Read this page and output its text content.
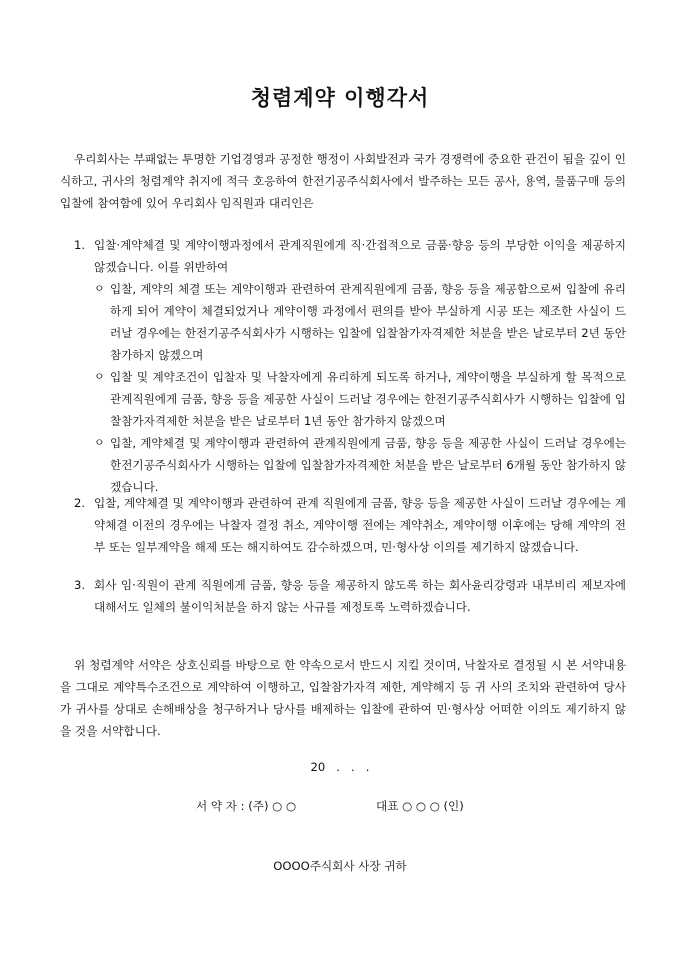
청렴계약 이행각서

우리회사는 부패없는 투명한 기업경영과 공정한 행정이 사회발전과 국가 경쟁력에 중요한 관건이 됨을 깊이 인식하고, 귀사의 청렴계약 취지에 적극 호응하여 한전기공주식회사에서 발주하는 모든 공사, 용역, 물품구매 등의 입찰에 참여함에 있어 우리회사 임직원과 대리인은

1. 입찰·계약체결 및 계약이행과정에서 관계직원에게 직·간접적으로 금품·향응 등의 부당한 이익을 제공하지 않겠습니다. 이를 위반하여

ㅇ 입찰, 계약의 체결 또는 계약이행과 관련하여 관계직원에게 금품, 향응 등을 제공함으로써 입찰에 유리하게 되어 계약이 체결되었거나 계약이행 과정에서 편의를 받아 부실하게 시공 또는 제조한 사실이 드러날 경우에는 한전기공주식회사가 시행하는 입찰에 입찰참가자격제한 처분을 받은 날로부터 2년 동안 참가하지 않겠으며

ㅇ 입찰 및 계약조건이 입찰자 및 낙찰자에게 유리하게 되도록 하거나, 계약이행을 부실하게 할 목적으로 관계직원에게 금품, 향응 등을 제공한 사실이 드러날 경우에는 한전기공주식회사가 시행하는 입찰에 입찰참가자격제한 처분을 받은 날로부터 1년 동안 참가하지 않겠으며

ㅇ 입찰, 계약체결 및 계약이행과 관련하여 관계직원에게 금품, 향응 등을 제공한 사실이 드러날 경우에는 한전기공주식회사가 시행하는 입찰에 입찰참가자격제한 처분을 받은 날로부터 6개월 동안 참가하지 않겠습니다.

2. 입찰, 계약체결 및 계약이행과 관련하여 관계 직원에게 금품, 향응 등을 제공한 사실이 드러날 경우에는 계약체결 이전의 경우에는 낙찰자 결정 취소, 계약이행 전에는 계약취소, 계약이행 이후에는 당해 계약의 전부 또는 일부계약을 해제 또는 해지하여도 감수하겠으며, 민·형사상 이의를 제기하지 않겠습니다.

3. 회사 임·직원이 관계 직원에게 금품, 향응 등을 제공하지 않도록 하는 회사윤리강령과 내부비리 제보자에 대해서도 일체의 불이익처분을 하지 않는 사규를 제정토록 노력하겠습니다.

위 청렴계약 서약은 상호신뢰를 바탕으로 한 약속으로서 반드시 지킬 것이며, 낙찰자로 결정될 시 본 서약내용을 그대로 계약특수조건으로 계약하여 이행하고, 입찰참가자격 제한, 계약해지 등 귀 사의 조치와 관련하여 당사가 귀사를 상대로 손해배상을 청구하거나 당사를 배제하는 입찰에 관하여 민·형사상 어떠한 이의도 제기하지 않을 것을 서약합니다.

20   .   .   .
서 약 자 : (주) ○ ○	대표 ○ ○ ○ (인)
OOOO주식회사 사장 귀하
